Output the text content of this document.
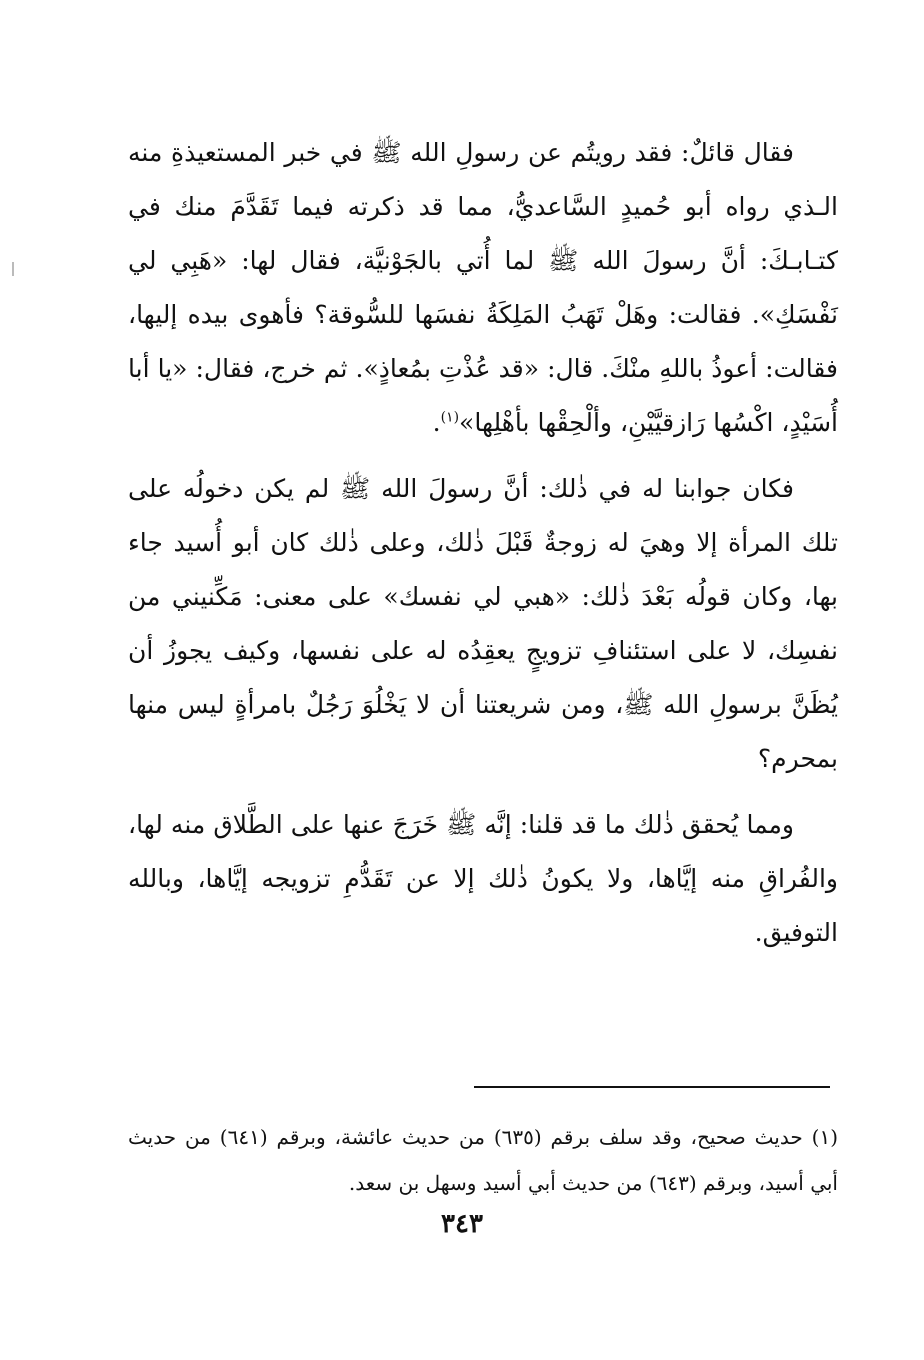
فقال قائلٌ: فقد رويتُم عن رسولِ الله ﷺ في خبر المستعيذةِ منه الـذي رواه أبو حُميدٍ السَّاعديُّ، مما قد ذكرته فيما تَقَدَّمَ منك في كتـابـكَ: أنَّ رسولَ الله ﷺ لما أُتي بالجَوْنيَّة، فقال لها: «هَبِي لي نَفْسَكِ». فقالت: وهَلْ تَهَبُ المَلِكَةُ نفسَها للسُّوقة؟ فأهوى بيده إليها، فقالت: أعوذُ باللهِ منْكَ. قال: «قد عُذْتِ بمُعاذٍ». ثم خرج، فقال: «يا أبا أُسَيْدٍ، اكْسُها رَازقيَّيْنِ، وألْحِقْها بأهْلِها»$^{(١)}$.

فكان جوابنا له في ذٰلك: أنَّ رسولَ الله ﷺ لم يكن دخولُه على تلك المرأة إلا وهيَ له زوجةٌ قَبْلَ ذٰلك، وعلى ذٰلك كان أبو أُسيد جاء بها، وكان قولُه بَعْدَ ذٰلك: «هبي لي نفسك» على معنى: مَكِّنيني من نفسِك، لا على استئنافِ تزويجٍ يعقِدُه له على نفسها، وكيف يجوزُ أن يُظَنَّ برسولِ الله ﷺ، ومن شريعتنا أن لا يَخْلُوَ رَجُلٌ بامرأةٍ ليس منها بمحرم؟

ومما يُحقق ذٰلك ما قد قلنا: إنَّه ﷺ خَرَجَ عنها على الطَّلاق منه لها، والفُراقِ منه إيَّاها، ولا يكونُ ذٰلك إلا عن تَقَدُّمِ تزويجه إيَّاها، وبالله التوفيق.

(١) حديث صحيح، وقد سلف برقم (٦٣٥) من حديث عائشة، وبرقم (٦٤١) من حديث أبي أسيد، وبرقم (٦٤٣) من حديث أبي أسيد وسهل بن سعد.

٣٤٣
